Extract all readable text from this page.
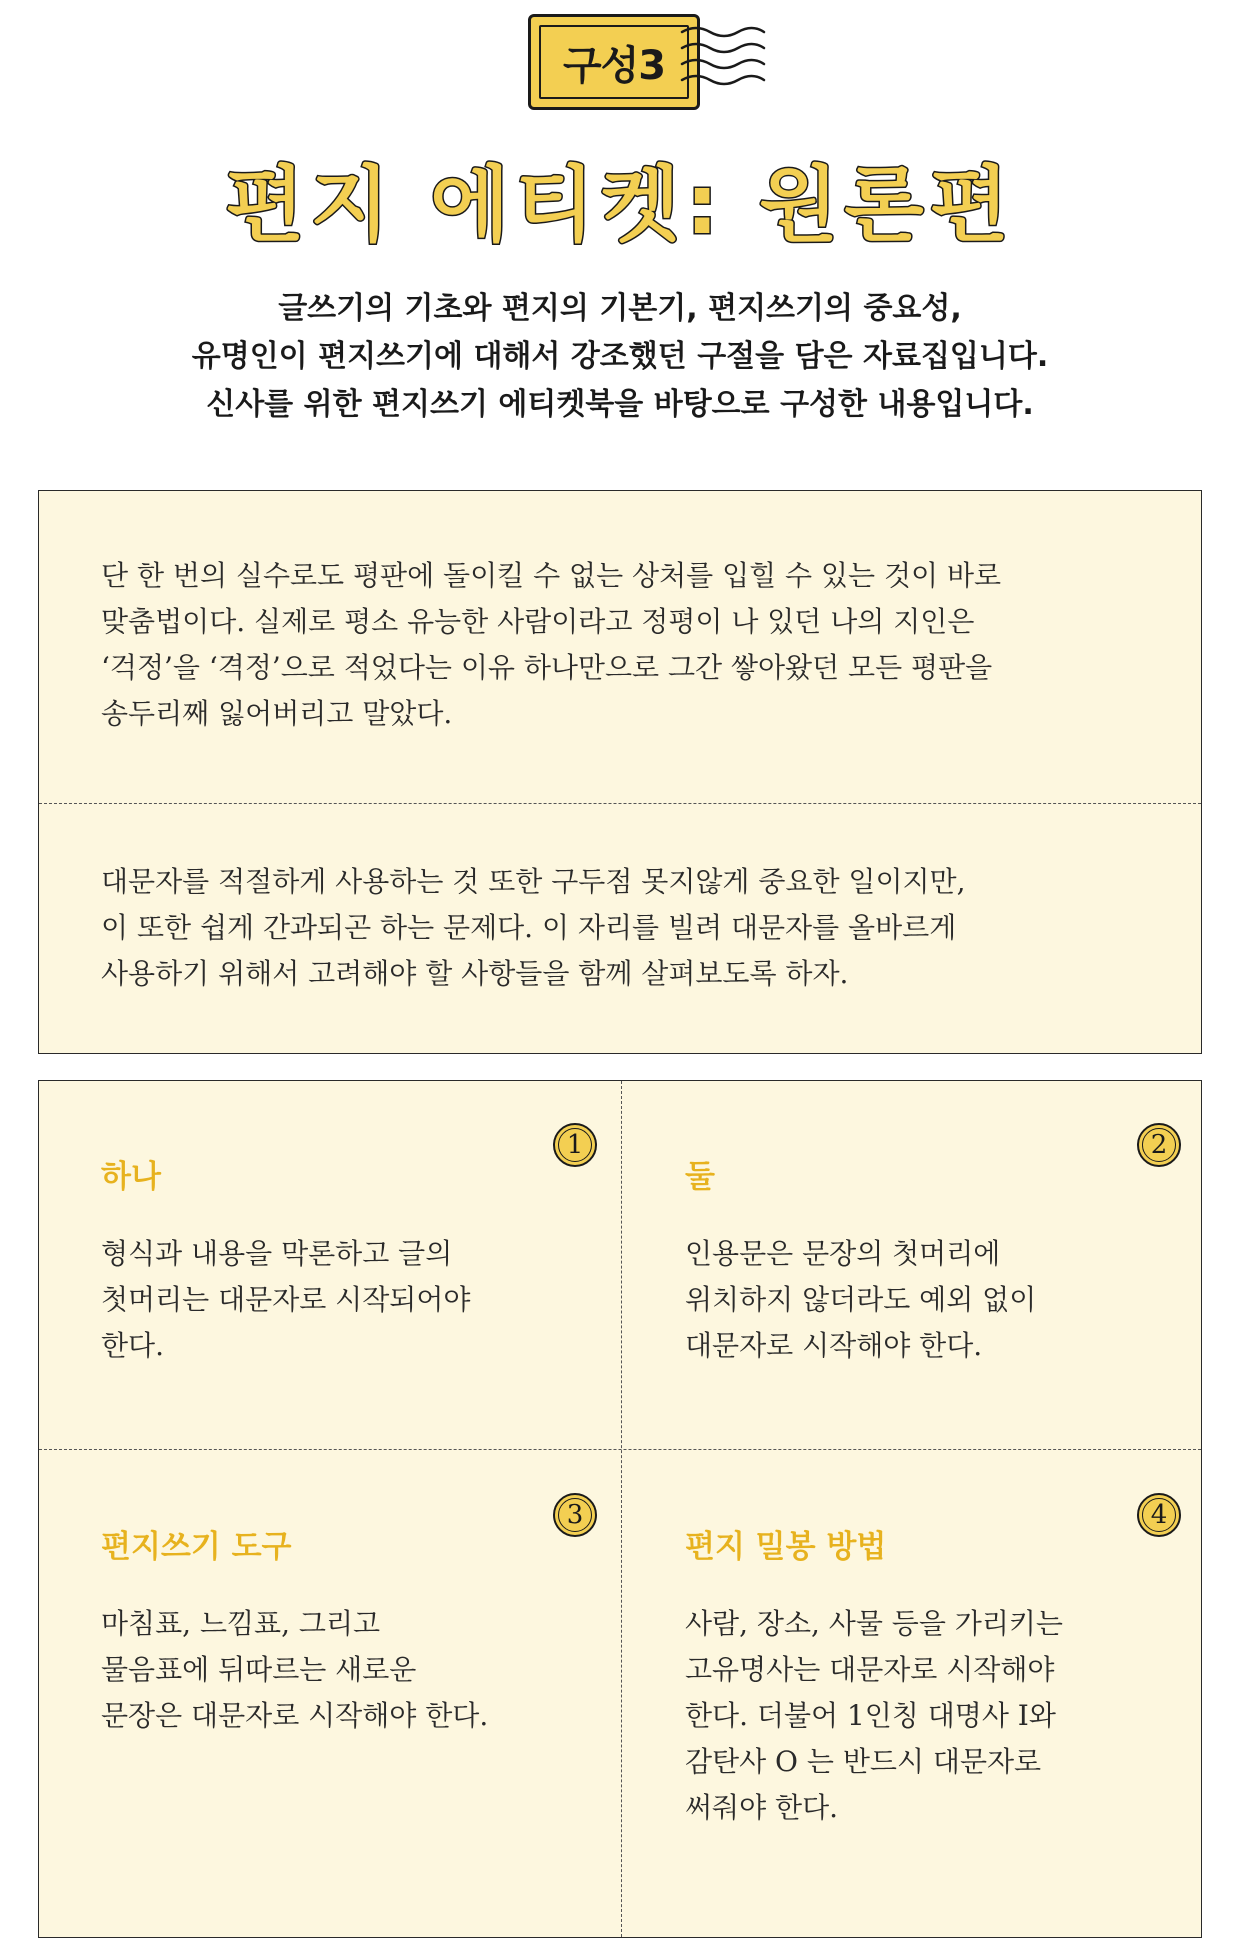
구성3
편지 에티켓: 원론편
글쓰기의 기초와 편지의 기본기, 편지쓰기의 중요성,
유명인이 편지쓰기에 대해서 강조했던 구절을 담은 자료집입니다.
신사를 위한 편지쓰기 에티켓북을 바탕으로 구성한 내용입니다.
단 한 번의 실수로도 평판에 돌이킬 수 없는 상처를 입힐 수 있는 것이 바로
맞춤법이다. 실제로 평소 유능한 사람이라고 정평이 나 있던 나의 지인은
‘걱정’을 ‘격정’으로 적었다는 이유 하나만으로 그간 쌓아왔던 모든 평판을
송두리째 잃어버리고 말았다.
대문자를 적절하게 사용하는 것 또한 구두점 못지않게 중요한 일이지만,
이 또한 쉽게 간과되곤 하는 문제다. 이 자리를 빌려 대문자를 올바르게
사용하기 위해서 고려해야 할 사항들을 함께 살펴보도록 하자.
1
하나
형식과 내용을 막론하고 글의
첫머리는 대문자로 시작되어야
한다.
2
둘
인용문은 문장의 첫머리에
위치하지 않더라도 예외 없이
대문자로 시작해야 한다.
3
편지쓰기 도구
마침표, 느낌표, 그리고
물음표에 뒤따르는 새로운
문장은 대문자로 시작해야 한다.
4
편지 밀봉 방법
사람, 장소, 사물 등을 가리키는
고유명사는 대문자로 시작해야
한다. 더불어 1인칭 대명사 I와
감탄사 O 는 반드시 대문자로
써줘야 한다.
